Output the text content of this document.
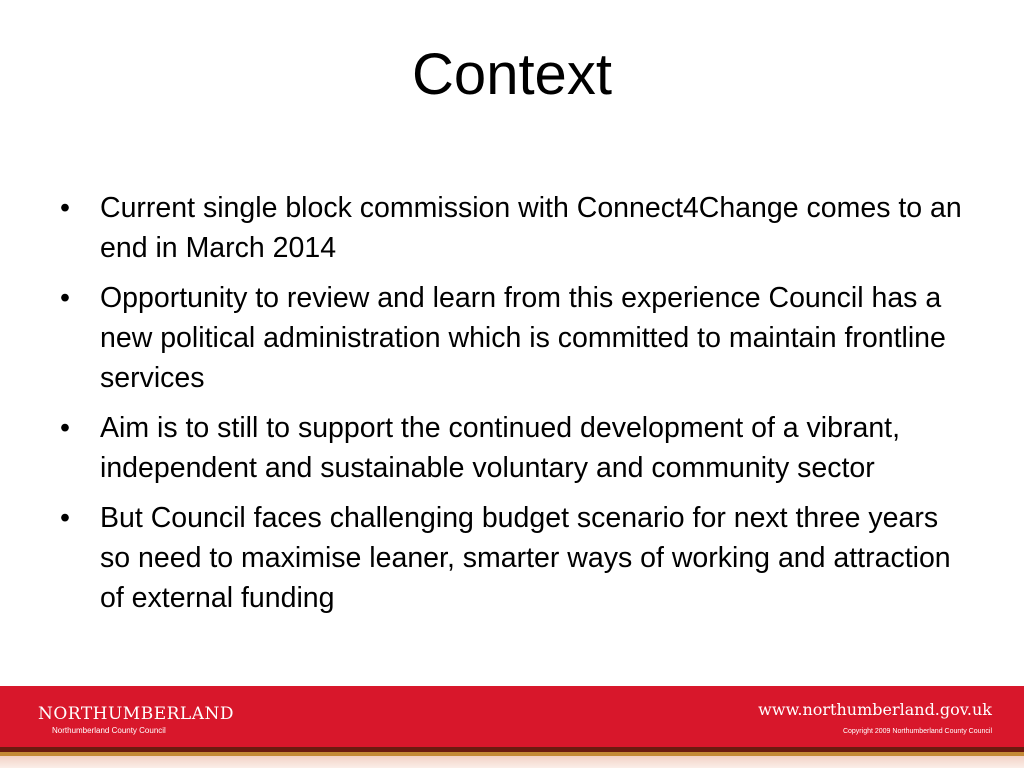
Context
•	Current single block commission with Connect4Change comes to an end in March 2014
•	Opportunity to review and learn from this experience Council has a new political administration which is committed to maintain frontline services
•	Aim is to still to support the continued development of a vibrant, independent and sustainable voluntary and community sector
•	But Council faces challenging budget scenario for next three years so need to maximise leaner, smarter ways of working and attraction of external funding
NORTHUMBERLAND
Northumberland County Council
www.northumberland.gov.uk
Copyright 2009 Northumberland County Council
